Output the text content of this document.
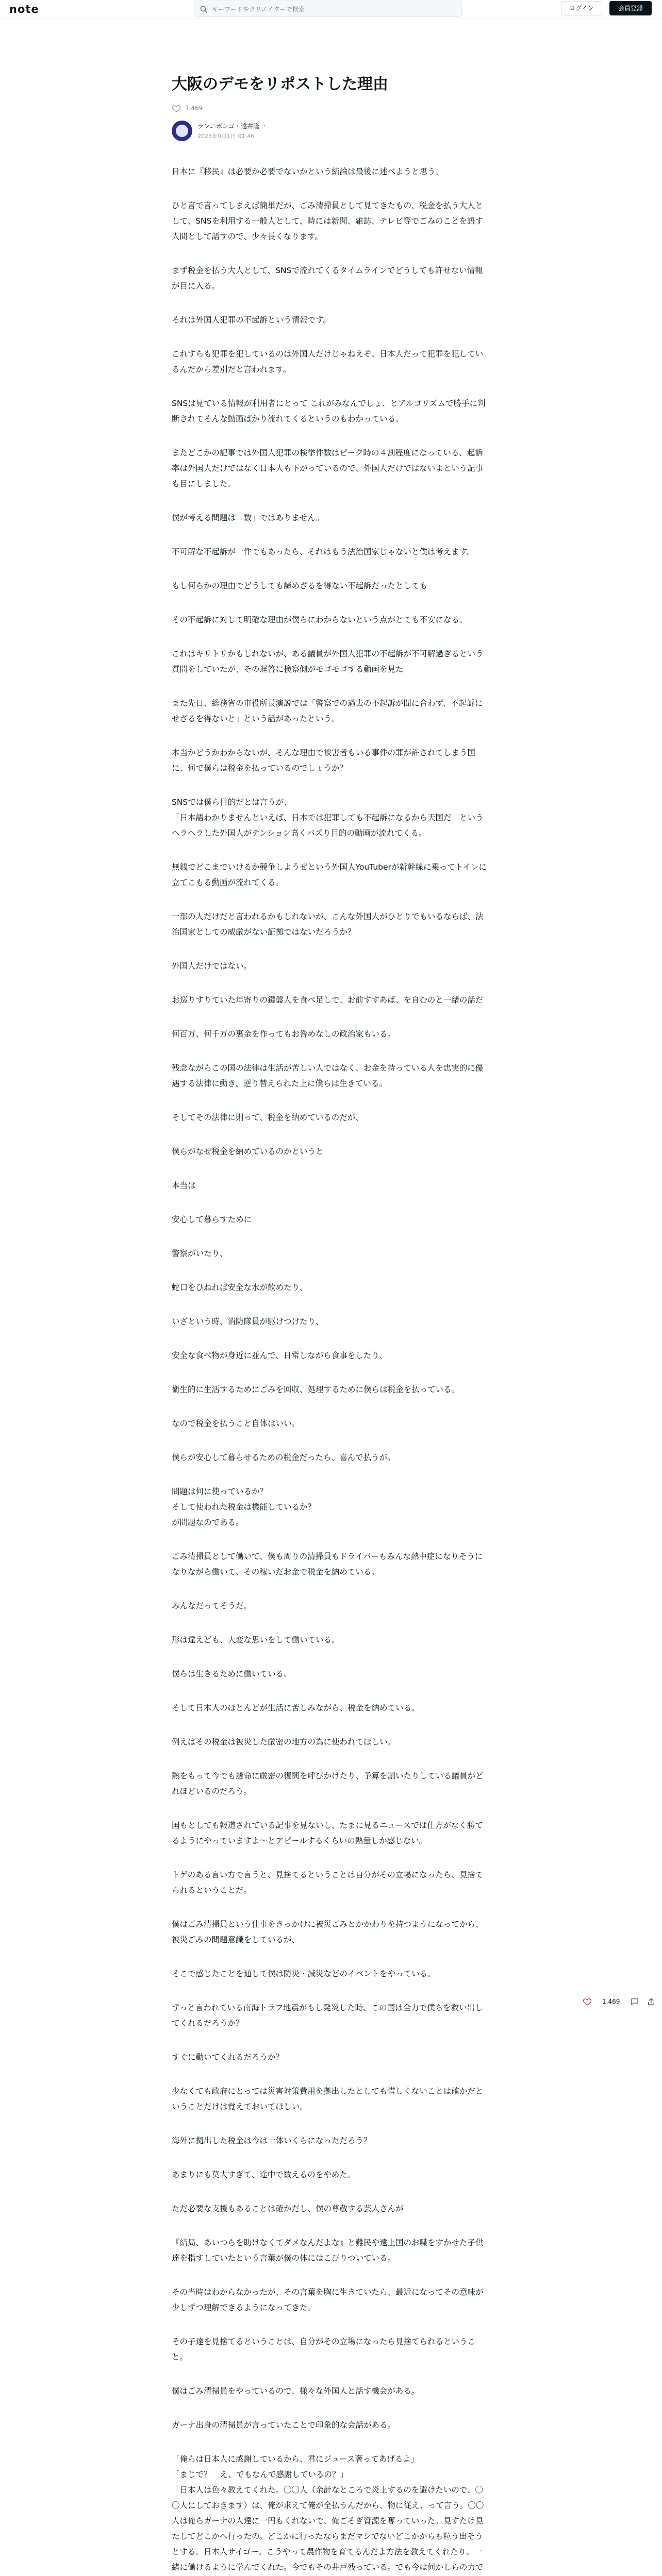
note
キーワードやクリエイターで検索	ログイン	会員登録
大阪のデモをリポストした理由
1,469
ランニボンゴ・遠井隆一
2025年9月1日 01:46

日本に『移民』は必要か必要でないかという結論は最後に述べようと思う。

ひと言で言ってしまえば簡単だが、ごみ清掃員として見てきたもの、税金を払う大人として、SNSを利用する一般人として、時には新聞、雑誌、テレビ等でごみのことを語す人間として語すので、少々長くなります。

まず税金を払う大人として、SNSで流れてくるタイムラインでどうしても許せない情報が目に入る。

それは外国人犯罪の不起訴という情報です。

これすらも犯罪を犯しているのは外国人だけじゃねえぞ、日本人だって犯罪を犯しているんだから差別だと言われます。

SNSは見ている情報が利用者にとって これがみなんでしょ、とアルゴリズムで勝手に判断されてそんな動画ばかり流れてくるというのもわかっている。

またどこかの記事では外国人犯罪の検挙件数はピーク時の４割程度になっている、起訴率は外国人だけではなく日本人も下がっているので、外国人だけではないよという記事も目にしました。

僕が考える問題は「数」ではありません。

不可解な不起訴が一件でもあったら、それはもう法治国家じゃないと僕は考えます。

もし何らかの理由でどうしても諦めざるを得ない不起訴だったとしても

その不起訴に対して明確な理由が僕らにわからないという点がとても不安になる。

これはキリトリかもしれないが、ある議員が外国人犯罪の不起訴が不可解過ぎるという質問をしていたが、その遅答に検察側がモゴモゴする動画を見た

また先日、総務省の市役所長演説では「警察での過去の不起訴が間に合わず、不起訴にせざるを得ないと」という話があったという。

本当かどうかわからないが、そんな理由で被害者もいる事件の罪が許されてしまう国に、何で僕らは税金を払っているのでしょうか？

SNSでは僕ら目的だとは言うが、
「日本語わかりませんといえば、日本では犯罪しても不起訴になるから天国だ」というヘラヘラした外国人がテンション高くバズり目的の動画が流れてくる。

無銭でどこまでいけるか競争しようぜという外国人YouTuberが新幹線に乗ってトイレに立てこもる動画が流れてくる。

一部の人だけだと言われるかもしれないが、こんな外国人がひとりでもいるならば、法治国家としての威厳がない証拠ではないだろうか？

外国人だけではない。

お巡りすりていた年寄りの鍵盤人を食べ足しで、お前すすあば、を自むのと一緒の話だ

何百万、何千万の裏金を作ってもお咎めなしの政治家もいる。

残念ながらこの国の法律は生活が苦しい人ではなく、お金を持っている人を忠実的に優遇する法律に動き、逆り替えられた上に僕らは生きている。

そしてその法律に則って、税金を納めているのだが、

僕らがなぜ税金を納めているのかというと

本当は

安心して暮らすために

警察がいたり、

蛇口をひねれば安全な水が飲めたり、

いざという時、消防隊員が駆けつけたり、

安全な食べ物が身近に並んで、日常しながら食事をしたり、

衛生的に生活するためにごみを回収、処理するために僕らは税金を払っている。

なので税金を払うこと自体はいい。

僕らが安心して暮らせるための税金だったら、喜んで払うが。

問題は何に使っているか？
そして使われた税金は機能しているか？
が問題なのである。

ごみ清掃員として働いて、僕も周りの清掃員もドライバーもみんな熱中症になりそうになりながら働いて、その稼いだお金で税金を納めている。

みんなだってそうだ。

形は違えども、大変な思いをして働いている。

僕らは生きるために働いている。

そして日本人のほとんどが生活に苦しみながら、税金を納めている。

例えばその税金は被災した厳密の地方の為に使われてほしい。

熱をもって今でも懸命に厳密の復興を呼びかけたり、予算を割いたりしている議員がどれほどいるのだろう。

国もとしても報道されている記事を見ないし、たまに見るニュースでは仕方がなく勝てるようにやっていますよ～とアピールするくらいの熱量しか感じない。

トゲのある言い方で言うと、見捨てるということは自分がその立場になったら、見捨てられるということだ。

僕はごみ清掃員という仕事をきっかけに被災ごみとかかわりを持つようになってから、被災ごみの問題意識をしているが、

そこで感じたことを通して僕は防災・減災などのイベントをやっている。

ずっと言われている南海トラフ地震がもし発災した時、この国は全力で僕らを救い出してくれるだろうか？

すぐに動いてくれるだろうか？

少なくても政府にとっては災害対策費用を拠出したとしても惜しくないことは確かだということだけは覚えておいてほしい。

海外に拠出した税金は今は一体いくらになっただろう？

あまりにも莫大すぎて、途中で数えるのをやめた。

ただ必要な支援もあることは確かだし、僕の尊敬する芸人さんが

『結局、あいつらを助けなくてダメなんだよな』と難民や遠上国のお喋をすかせた子供達を指すしていたという言葉が僕の体にはこびりついている。

その当時はわからなかったが、その言葉を胸に生きていたら、最近になってその意味が少しずつ理解できるようになってきた。

その子達を見捨てるということは、自分がその立場になったら見捨てられるということ。

僕はごみ清掃員をやっているので、様々な外国人と話す機会がある。

ガーナ出身の清掃員が言っていたことで印象的な会話がある。

「俺らは日本人に感謝しているから、君にジュース奢ってあげるよ」
「まじで？　え、でもなんで感謝しているの？」
「日本人は色々教えてくれた。〇〇人（余計なところで炎上するのを避けたいので、〇〇人にしておきます）は、俺が求えて俺が全払うんだから、物に従え、って言う。〇〇人は俺らガーナの人達に一円もくれないで、俺ごそぎ資源を奪っていった。見すたけ見たしてどこかへ行ったの。どこかに行ったならまだマシでないどこかからも粒う出そうとする。日本人サイゴー。こうやって農作物を育てるんだよ方法を教えてくれたり、一緒に働けるように学んでくれた。今でもその井戸残っている。でも今は何かしらの力で

1,469
